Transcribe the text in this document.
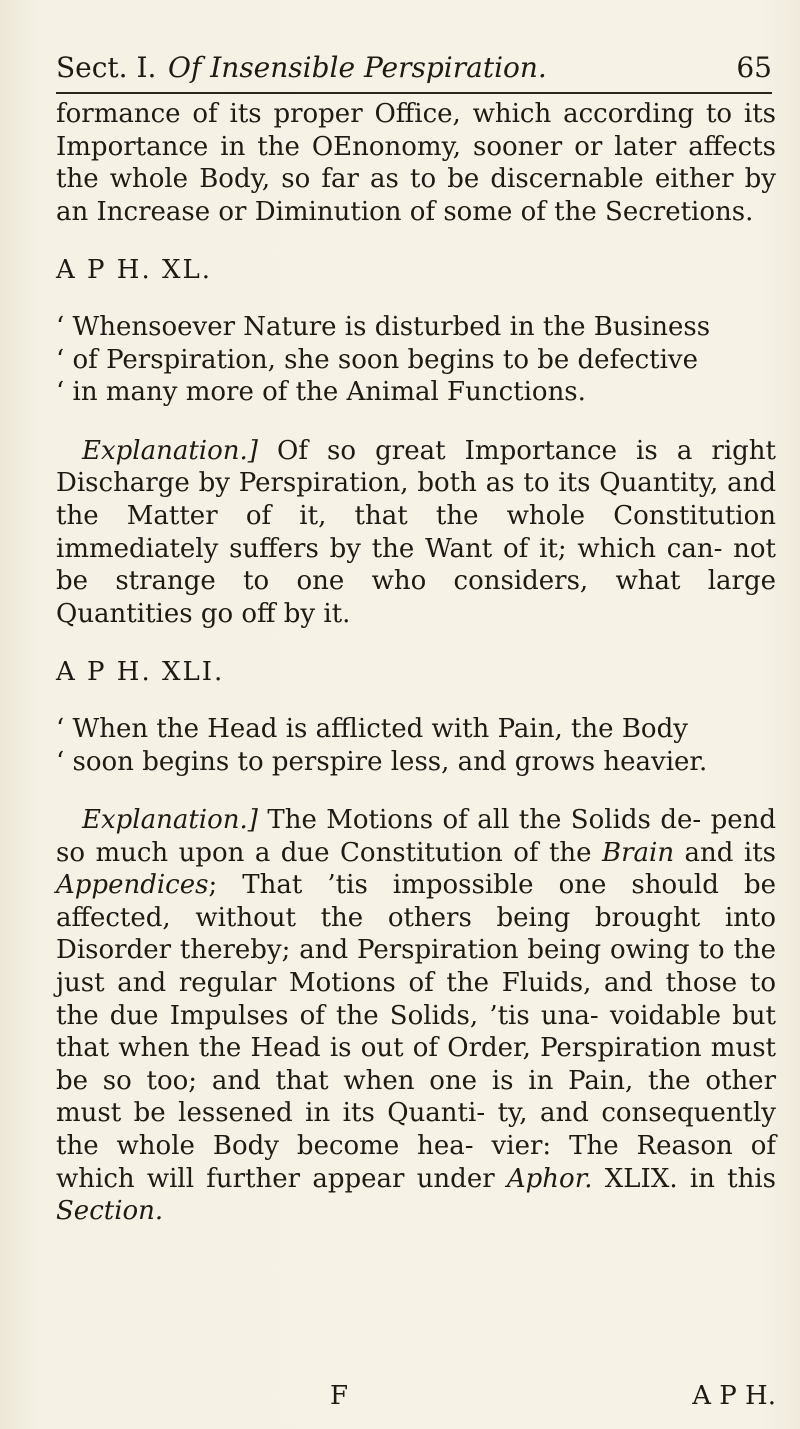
Sect. I. Of Insensible Perspiration.	65

formance of its proper Office, which according to its Importance in the OEnonomy, sooner or later affects the whole Body, so far as to be discernable either by an Increase or Diminution of some of the Secretions.

A P H. XL.

‘ Whensoever Nature is disturbed in the Business
‘ of Perspiration, she soon begins to be defective
‘ in many more of the Animal Functions.

Explanation.] Of so great Importance is a right Discharge by Perspiration, both as to its Quantity, and the Matter of it, that the whole Constitution immediately suffers by the Want of it; which can- not be strange to one who considers, what large Quantities go off by it.

A P H. XLI.

‘ When the Head is afflicted with Pain, the Body
‘ soon begins to perspire less, and grows heavier.

Explanation.] The Motions of all the Solids de- pend so much upon a due Constitution of the Brain and its Appendices; That ’tis impossible one should be affected, without the others being brought into Disorder thereby; and Perspiration being owing to the just and regular Motions of the Fluids, and those to the due Impulses of the Solids, ’tis una- voidable but that when the Head is out of Order, Perspiration must be so too; and that when one is in Pain, the other must be lessened in its Quanti- ty, and consequently the whole Body become hea- vier: The Reason of which will further appear under Aphor. XLIX. in this Section.

F	A P H.
